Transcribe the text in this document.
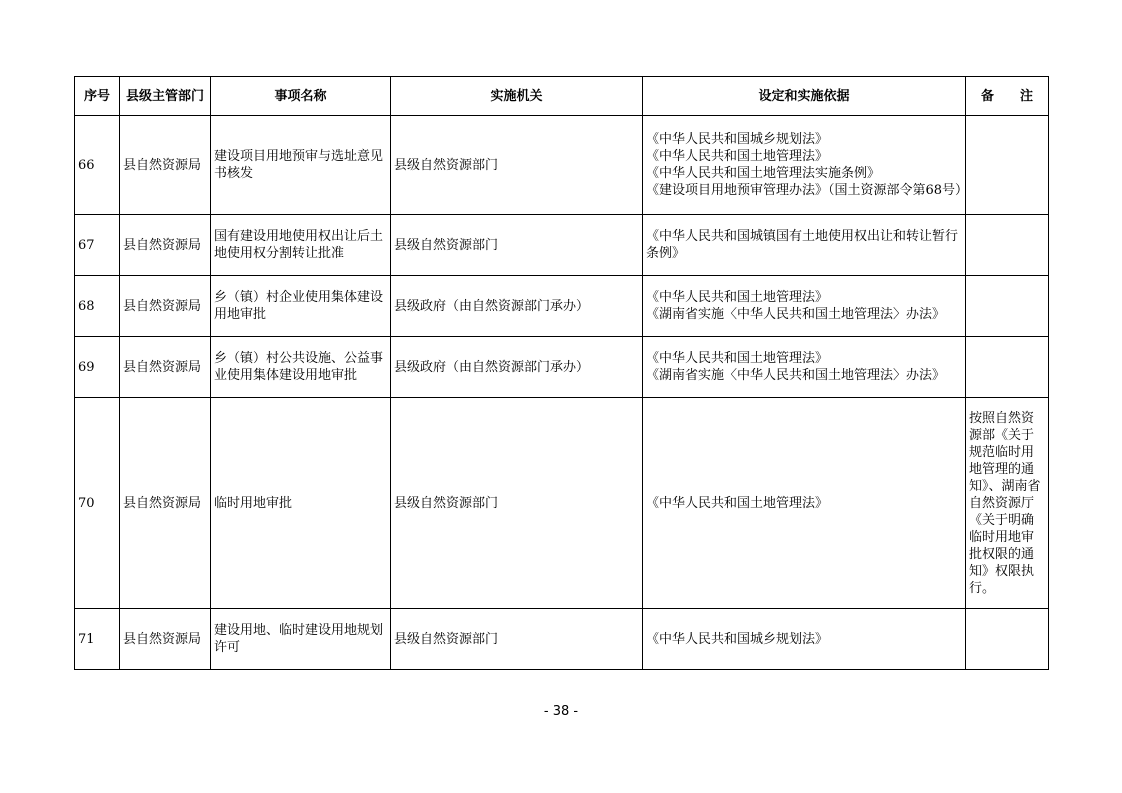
序号	县级主管部门	事项名称	实施机关	设定和实施依据	备　　注
66	县自然资源局	建设项目用地预审与选址意见书核发	县级自然资源部门	《中华人民共和国城乡规划法》
《中华人民共和国土地管理法》
《中华人民共和国土地管理法实施条例》
《建设项目用地预审管理办法》（国土资源部令第68号）	

67	县自然资源局	国有建设用地使用权出让后土地使用权分割转让批准	县级自然资源部门	《中华人民共和国城镇国有土地使用权出让和转让暂行条例》	

68	县自然资源局	乡（镇）村企业使用集体建设用地审批	县级政府（由自然资源部门承办）	《中华人民共和国土地管理法》
《湖南省实施〈中华人民共和国土地管理法〉办法》	

69	县自然资源局	乡（镇）村公共设施、公益事业使用集体建设用地审批	县级政府（由自然资源部门承办）	《中华人民共和国土地管理法》
《湖南省实施〈中华人民共和国土地管理法〉办法》	

70	县自然资源局	临时用地审批	县级自然资源部门	《中华人民共和国土地管理法》	按照自然资源部《关于规范临时用地管理的通知》、湖南省自然资源厅《关于明确临时用地审批权限的通知》权限执行。
71	县自然资源局	建设用地、临时建设用地规划许可	县级自然资源部门	《中华人民共和国城乡规划法》	

- 38 -
